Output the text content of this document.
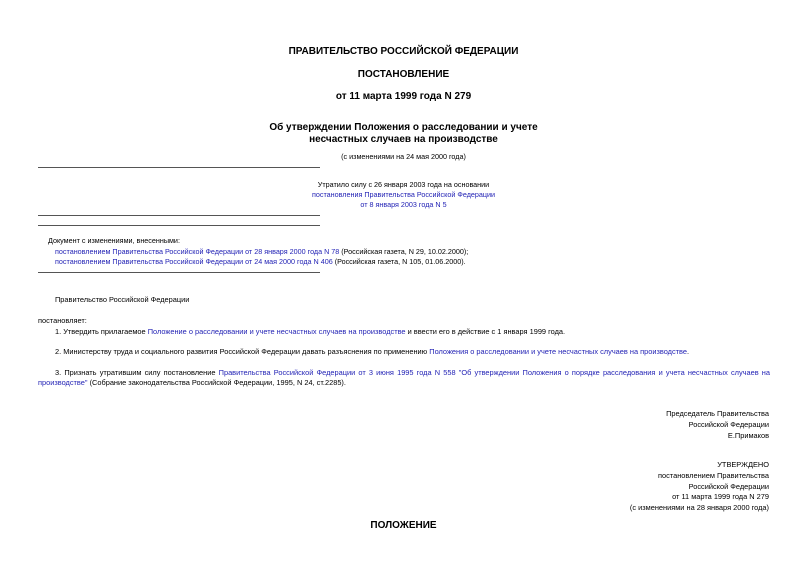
ПРАВИТЕЛЬСТВО РОССИЙСКОЙ ФЕДЕРАЦИИ
ПОСТАНОВЛЕНИЕ
от 11 марта 1999 года N 279
Об утверждении Положения о расследовании и учете
несчастных случаев на производстве
(с изменениями на 24 мая 2000 года)
Утратило силу с 26 января 2003 года на основании
постановления Правительства Российской Федерации
от 8 января 2003 года N 5
Документ с изменениями, внесенными:
постановлением Правительства Российской Федерации от 28 января 2000 года N 78 (Российская газета, N 29, 10.02.2000);
постановлением Правительства Российской Федерации от 24 мая 2000 года N 406 (Российская газета, N 105, 01.06.2000).
Правительство Российской Федерации
постановляет:
1. Утвердить прилагаемое Положение о расследовании и учете несчастных случаев на производстве и ввести его в действие с 1 января 1999 года.
2. Министерству труда и социального развития Российской Федерации давать разъяснения по применению Положения о расследовании и учете несчастных случаев на производстве.
3. Признать утратившим силу постановление Правительства Российской Федерации от 3 июня 1995 года N 558 "Об утверждении Положения о порядке расследования и учета несчастных случаев на производстве" (Собрание законодательства Российской Федерации, 1995, N 24, ст.2285).
Председатель Правительства
Российской Федерации
Е.Примаков
УТВЕРЖДЕНО
постановлением Правительства
Российской Федерации
от 11 марта 1999 года N 279
(с изменениями на 28 января 2000 года)
ПОЛОЖЕНИЕ
